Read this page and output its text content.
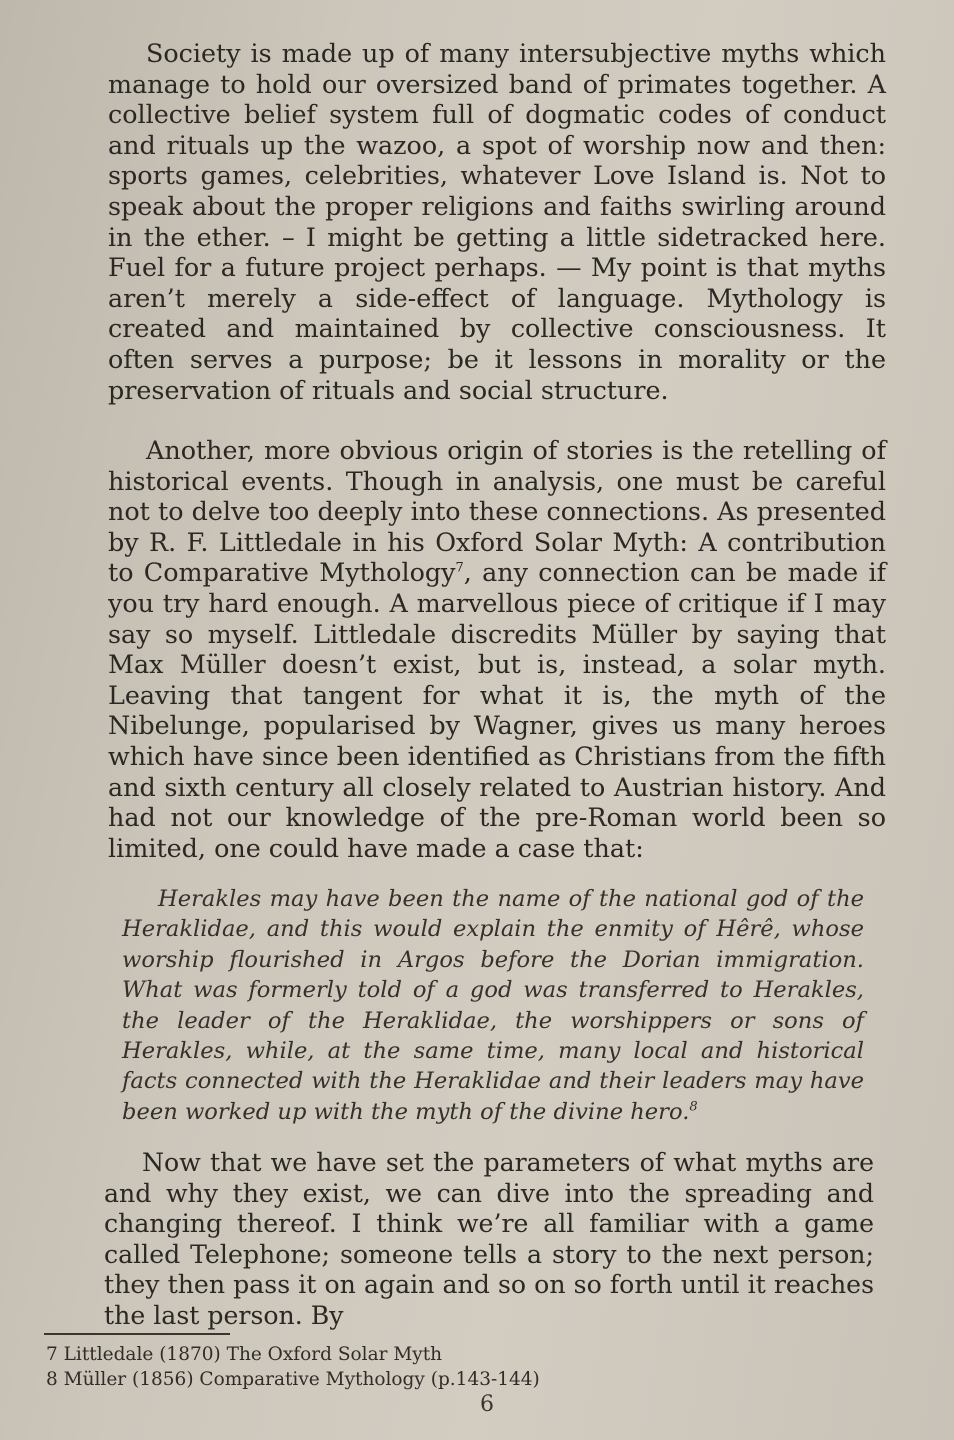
Society is made up of many intersubjective myths which manage to hold our oversized band of primates together. A collective belief system full of dogmatic codes of conduct and rituals up the wazoo, a spot of worship now and then: sports games, celebrities, whatever Love Island is. Not to speak about the proper religions and faiths swirling around in the ether. – I might be getting a little sidetracked here. Fuel for a future project perhaps. — My point is that myths aren’t merely a side-effect of language. Mythology is created and maintained by collective consciousness. It often serves a purpose; be it lessons in morality or the preservation of rituals and social structure.

Another, more obvious origin of stories is the retelling of historical events. Though in analysis, one must be careful not to delve too deeply into these connections. As presented by R. F. Littledale in his Oxford Solar Myth: A contribution to Comparative Mythology$^7$, any connection can be made if you try hard enough. A marvellous piece of critique if I may say so myself. Littledale discredits Müller by saying that Max Müller doesn’t exist, but is, instead, a solar myth. Leaving that tangent for what it is, the myth of the Nibelunge, popularised by Wagner, gives us many heroes which have since been identified as Christians from the fifth and sixth century all closely related to Austrian history. And had not our knowledge of the pre-Roman world been so limited, one could have made a case that:

Herakles may have been the name of the national god of the Heraklidae, and this would explain the enmity of Hêrê, whose worship flourished in Argos before the Dorian immigration. What was formerly told of a god was transferred to Herakles, the leader of the Heraklidae, the worshippers or sons of Herakles, while, at the same time, many local and historical facts connected with the Heraklidae and their leaders may have been worked up with the myth of the divine hero.$^8$

Now that we have set the parameters of what myths are and why they exist, we can dive into the spreading and changing thereof. I think we’re all familiar with a game called Telephone; someone tells a story to the next person; they then pass it on again and so on so forth until it reaches the last person. By

7 Littledale (1870) The Oxford Solar Myth
8 Müller (1856) Comparative Mythology (p.143-144)
6
